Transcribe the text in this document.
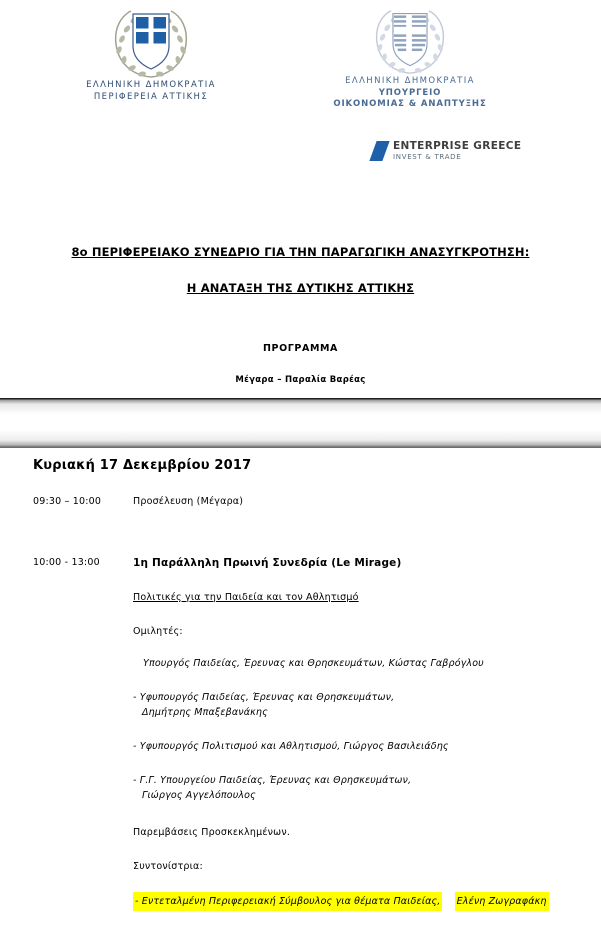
ΕΛΛΗΝΙΚΗ ΔΗΜΟΚΡΑΤΙΑ
ΠΕΡΙΦΕΡΕΙΑ ΑΤΤΙΚΗΣ
ΕΛΛΗΝΙΚΗ ΔΗΜΟΚΡΑΤΙΑ
ΥΠΟΥΡΓΕΙΟ
ΟΙΚΟΝΟΜΙΑΣ & ΑΝΑΠΤΥΞΗΣ
ENTERPRISE GREECE
INVEST & TRADE
8ο ΠΕΡΙΦΕΡΕΙΑΚΟ ΣΥΝΕΔΡΙΟ ΓΙΑ ΤΗΝ ΠΑΡΑΓΩΓΙΚΗ ΑΝΑΣΥΓΚΡΟΤΗΣΗ:
Η ΑΝΑΤΑΞΗ ΤΗΣ ΔΥΤΙΚΗΣ ΑΤΤΙΚΗΣ
ΠΡΟΓΡΑΜΜΑ
Μέγαρα – Παραλία Βαρέας
Κυριακή 17 Δεκεμβρίου 2017
09:30 – 10:00	Προσέλευση (Μέγαρα)
10:00 - 13:00	1η Παράλληλη Πρωινή Συνεδρία (Le Mirage)
Πολιτικές για την Παιδεία και τον Αθλητισμό
Ομιλητές:
Υπουργός Παιδείας, Έρευνας και Θρησκευμάτων, Κώστας Γαβρόγλου
- Υφυπουργός Παιδείας, Έρευνας και Θρησκευμάτων,
Δημήτρης Μπαξεβανάκης
- Υφυπουργός Πολιτισμού και Αθλητισμού, Γιώργος Βασιλειάδης
- Γ.Γ. Υπουργείου Παιδείας, Έρευνας και Θρησκευμάτων,
Γιώργος Αγγελόπουλος
Παρεμβάσεις Προσκεκλημένων.
Συντονίστρια:
- Εντεταλμένη Περιφερειακή Σύμβουλος για θέματα Παιδείας, Ελένη Ζωγραφάκη
